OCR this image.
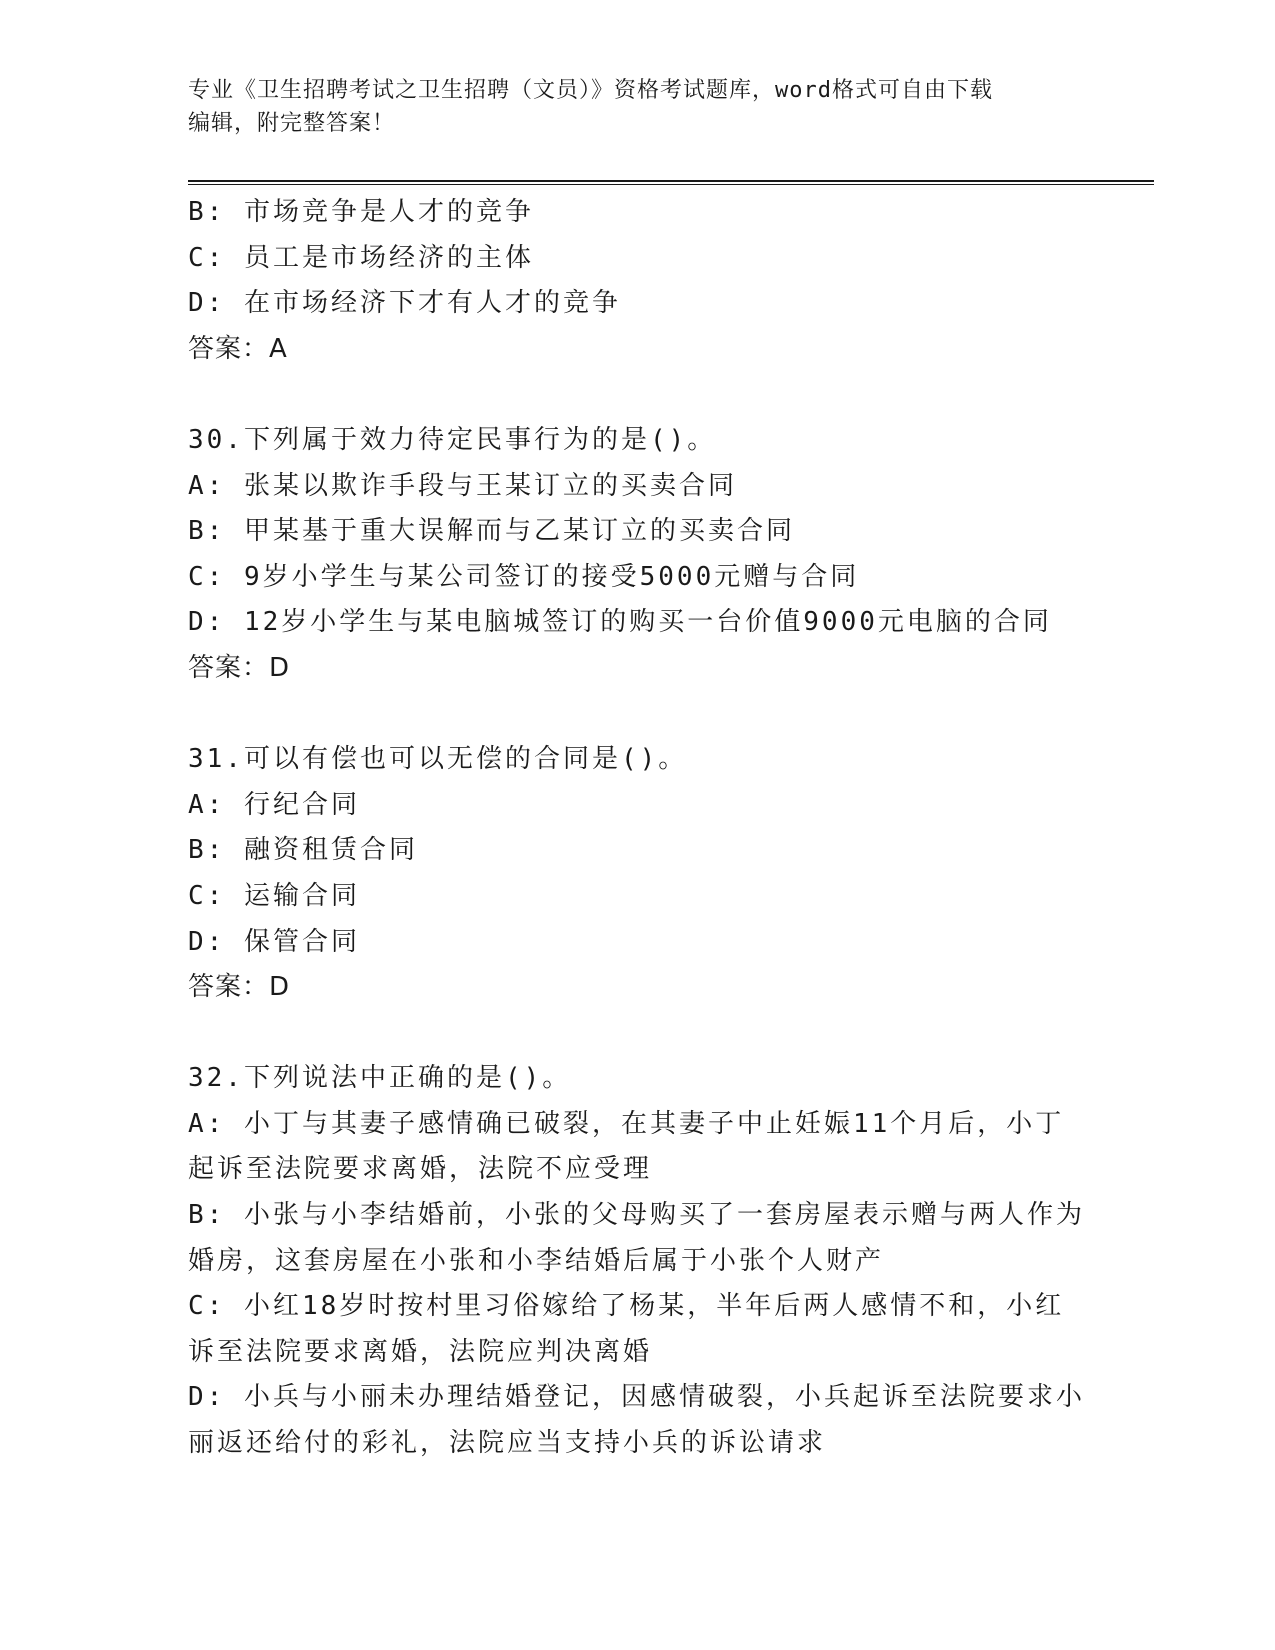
专业《卫生招聘考试之卫生招聘（文员）》资格考试题库，word格式可自由下载
编辑，附完整答案！
B: 市场竞争是人才的竞争
C: 员工是市场经济的主体
D: 在市场经济下才有人才的竞争
答案：A
30.下列属于效力待定民事行为的是()。
A: 张某以欺诈手段与王某订立的买卖合同
B: 甲某基于重大误解而与乙某订立的买卖合同
C: 9岁小学生与某公司签订的接受5000元赠与合同
D: 12岁小学生与某电脑城签订的购买一台价值9000元电脑的合同
答案：D
31.可以有偿也可以无偿的合同是()。
A: 行纪合同
B: 融资租赁合同
C: 运输合同
D: 保管合同
答案：D
32.下列说法中正确的是()。
A: 小丁与其妻子感情确已破裂，在其妻子中止妊娠11个月后，小丁
起诉至法院要求离婚，法院不应受理
B: 小张与小李结婚前，小张的父母购买了一套房屋表示赠与两人作为
婚房，这套房屋在小张和小李结婚后属于小张个人财产
C: 小红18岁时按村里习俗嫁给了杨某，半年后两人感情不和，小红
诉至法院要求离婚，法院应判决离婚
D: 小兵与小丽未办理结婚登记，因感情破裂，小兵起诉至法院要求小
丽返还给付的彩礼，法院应当支持小兵的诉讼请求
